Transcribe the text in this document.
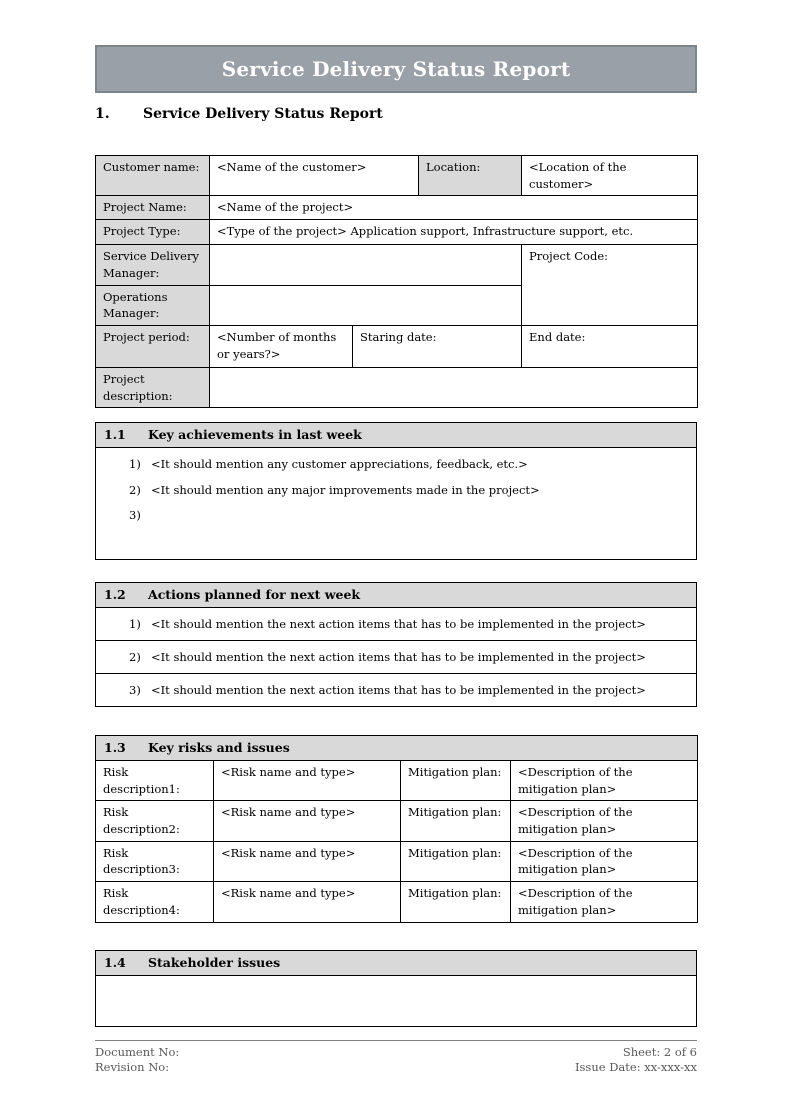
Service Delivery Status Report
1. Service Delivery Status Report
Customer name:	<Name of the customer>		Location:	<Location of the customer>
Project Name:	<Name of the project>			
Project Type:	<Type of the project> Application support, Infrastructure support, etc.			
Service Delivery Manager:				Project Code:
Operations Manager:				
Project period:	<Number of months or years?>	Staring date:		End date:
Project description:				
1.1 Key achievements in last week

1) <It should mention any customer appreciations, feedback, etc.>
2) <It should mention any major improvements made in the project>
3)
1.2 Actions planned for next week
1) <It should mention the next action items that has to be implemented in the project>
2) <It should mention the next action items that has to be implemented in the project>
3) <It should mention the next action items that has to be implemented in the project>
1.3 Key risks and issues			
Risk description1:	<Risk name and type>	Mitigation plan:	<Description of the mitigation plan>
Risk description2:	<Risk name and type>	Mitigation plan:	<Description of the mitigation plan>
Risk description3:	<Risk name and type>	Mitigation plan:	<Description of the mitigation plan>
Risk description4:	<Risk name and type>	Mitigation plan:	<Description of the mitigation plan>
1.4 Stakeholder issues

Document No:
Revision No:
Sheet: 2 of 6
Issue Date: xx-xxx-xx
